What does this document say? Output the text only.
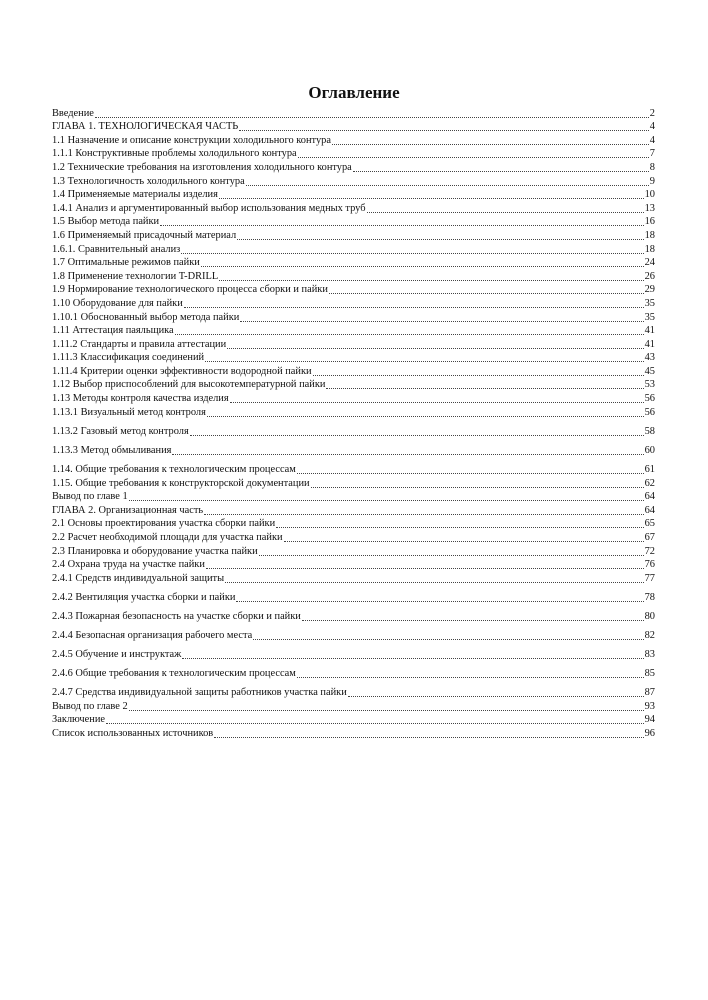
Оглавление
Введение	2
ГЛАВА 1. ТЕХНОЛОГИЧЕСКАЯ ЧАСТЬ	4
1.1 Назначение и описание конструкции холодильного контура	4
1.1.1 Конструктивные проблемы холодильного контура	7
1.2 Технические требования на изготовления холодильного контура	8
1.3 Технологичность холодильного контура	9
1.4 Применяемые материалы изделия	10
1.4.1 Анализ и аргументированный выбор использования медных труб	13
1.5 Выбор метода пайки	16
1.6 Применяемый присадочный материал	18
1.6.1. Сравнительный анализ	18
1.7 Оптимальные режимов пайки	24
1.8 Применение технологии T-DRILL	26
1.9 Нормирование технологического процесса сборки и пайки	29
1.10 Оборудование для пайки	35
1.10.1 Обоснованный выбор метода пайки	35
1.11 Аттестация паяльщика	41
1.11.2 Стандарты и правила аттестации	41
1.11.3 Классификация соединений	43
1.11.4 Критерии оценки эффективности водородной пайки	45
1.12 Выбор приспособлений для высокотемпературной пайки	53
1.13 Методы контроля качества изделия	56
1.13.1 Визуальный метод контроля	56
1.13.2 Газовый метод контроля	58
1.13.3 Метод обмыливания	60
1.14. Общие требования к технологическим процессам	61
1.15. Общие требования к конструкторской документации	62
Вывод по главе 1	64
ГЛАВА 2. Организационная часть	64
2.1 Основы проектирования участка сборки пайки	65
2.2 Расчет необходимой площади для участка пайки	67
2.3 Планировка и оборудование участка пайки	72
2.4 Охрана труда на участке пайки	76
2.4.1 Средств индивидуальной защиты	77
2.4.2 Вентиляция участка сборки и пайки	78
2.4.3 Пожарная безопасность на участке сборки и пайки	80
2.4.4 Безопасная организация рабочего места	82
2.4.5 Обучение и инструктаж	83
2.4.6 Общие требования к технологическим процессам	85
2.4.7 Средства индивидуальной защиты работников участка пайки	87
Вывод по главе 2	93
Заключение	94
Список использованных источников	96
